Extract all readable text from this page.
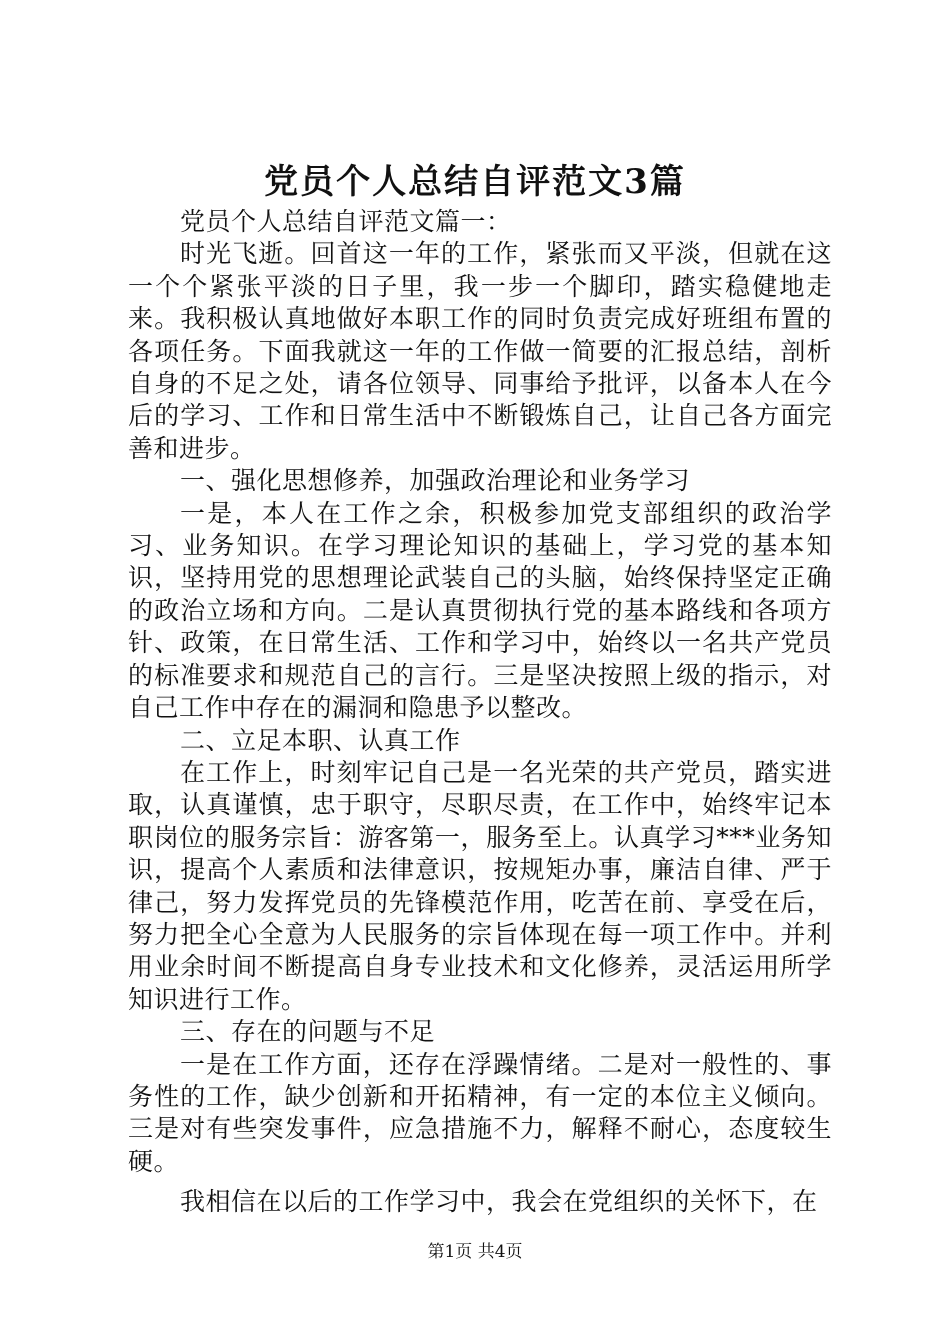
党员个人总结自评范文3篇

党员个人总结自评范文篇一：

时光飞逝。回首这一年的工作，紧张而又平淡，但就在这一个个紧张平淡的日子里，我一步一个脚印，踏实稳健地走来。我积极认真地做好本职工作的同时负责完成好班组布置的各项任务。下面我就这一年的工作做一简要的汇报总结，剖析自身的不足之处，请各位领导、同事给予批评，以备本人在今后的学习、工作和日常生活中不断锻炼自己，让自己各方面完善和进步。

一、强化思想修养，加强政治理论和业务学习

一是，本人在工作之余，积极参加党支部组织的政治学习、业务知识。在学习理论知识的基础上，学习党的基本知识，坚持用党的思想理论武装自己的头脑，始终保持坚定正确的政治立场和方向。二是认真贯彻执行党的基本路线和各项方针、政策，在日常生活、工作和学习中，始终以一名共产党员的标准要求和规范自己的言行。三是坚决按照上级的指示，对自己工作中存在的漏洞和隐患予以整改。

二、立足本职、认真工作

在工作上，时刻牢记自己是一名光荣的共产党员，踏实进取，认真谨慎，忠于职守，尽职尽责，在工作中，始终牢记本职岗位的服务宗旨：游客第一，服务至上。认真学习***业务知识，提高个人素质和法律意识，按规矩办事，廉洁自律、严于律己，努力发挥党员的先锋模范作用，吃苦在前、享受在后，努力把全心全意为人民服务的宗旨体现在每一项工作中。并利用业余时间不断提高自身专业技术和文化修养，灵活运用所学知识进行工作。

三、存在的问题与不足

一是在工作方面，还存在浮躁情绪。二是对一般性的、事务性的工作，缺少创新和开拓精神，有一定的本位主义倾向。三是对有些突发事件，应急措施不力，解释不耐心，态度较生硬。

我相信在以后的工作学习中，我会在党组织的关怀下，在

第1页 共4页
